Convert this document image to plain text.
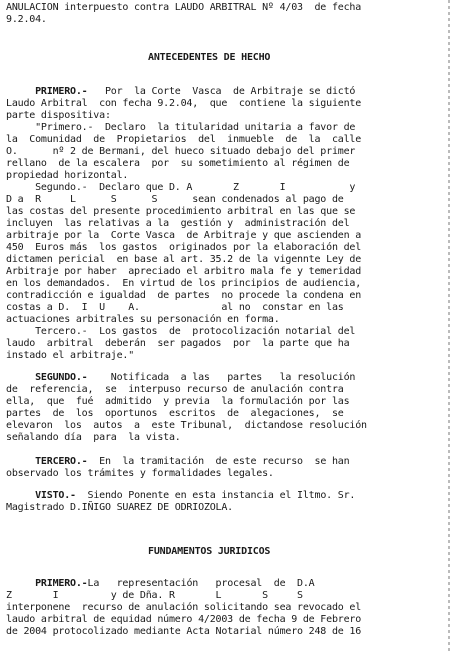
ANULACION interpuesto contra LAUDO ARBITRAL Nº 4/03  de fecha
9.2.04.
ANTECEDENTES DE HECHO
PRIMERO.-   Por  la Corte  Vasca  de Arbitraje se dictó
Laudo Arbitral  con fecha 9.2.04,  que  contiene la siguiente
parte dispositiva:
"Primero.-  Declaro  la titularidad unitaria a favor de
la  Comunidad  de  Propietarios  del  inmueble  de  la  calle
O.      nº 2 de Bermani, del hueco situado debajo del primer
rellano  de la escalera  por  su sometimiento al régimen de
propiedad horizontal.
Segundo.-  Declaro que D. A       Z       I           y
D a  R     L      S      S      sean condenados al pago de
las costas del presente procedimiento arbitral en las que se
incluyen  las relativas a la  gestión y  administración del
arbitraje por la  Corte Vasca  de Arbitraje y que ascienden a
450  Euros más  los gastos  originados por la elaboración del
dictamen pericial  en base al art. 35.2 de la vigennte Ley de
Arbitraje por haber  apreciado el arbitro mala fe y temeridad
en los demandados.  En virtud de los principios de audiencia,
contradicción e igualdad  de partes  no procede la condena en
costas a D.  I  U    A.              al no  constar en las
actuaciones arbitrales su personación en forma.
Tercero.-  Los gastos  de  protocolización notarial del
laudo  arbitral  deberán  ser pagados  por  la parte que ha
instado el arbitraje."
SEGUNDO.-    Notificada  a las   partes   la resolución
de  referencia,  se  interpuso recurso de anulación contra
ella,  que  fué  admitido  y previa  la formulación por las
partes  de  los  oportunos  escritos  de  alegaciones,  se
elevaron  los  autos  a  este Tribunal,  dictandose resolución
señalando día  para  la vista.
TERCERO.-  En  la tramitación  de este recurso  se han
observado los trámites y formalidades legales.
VISTO.-  Siendo Ponente en esta instancia el Iltmo. Sr.
Magistrado D.IÑIGO SUAREZ DE ODRIOZOLA.
FUNDAMENTOS JURIDICOS
PRIMERO.-La   representación   procesal  de  D.A
Z       I         y de Dña. R       L       S     S
interponene  recurso de anulación solicitando sea revocado el
laudo arbitral de equidad número 4/2003 de fecha 9 de Febrero
de 2004 protocolizado mediante Acta Notarial número 248 de 16
